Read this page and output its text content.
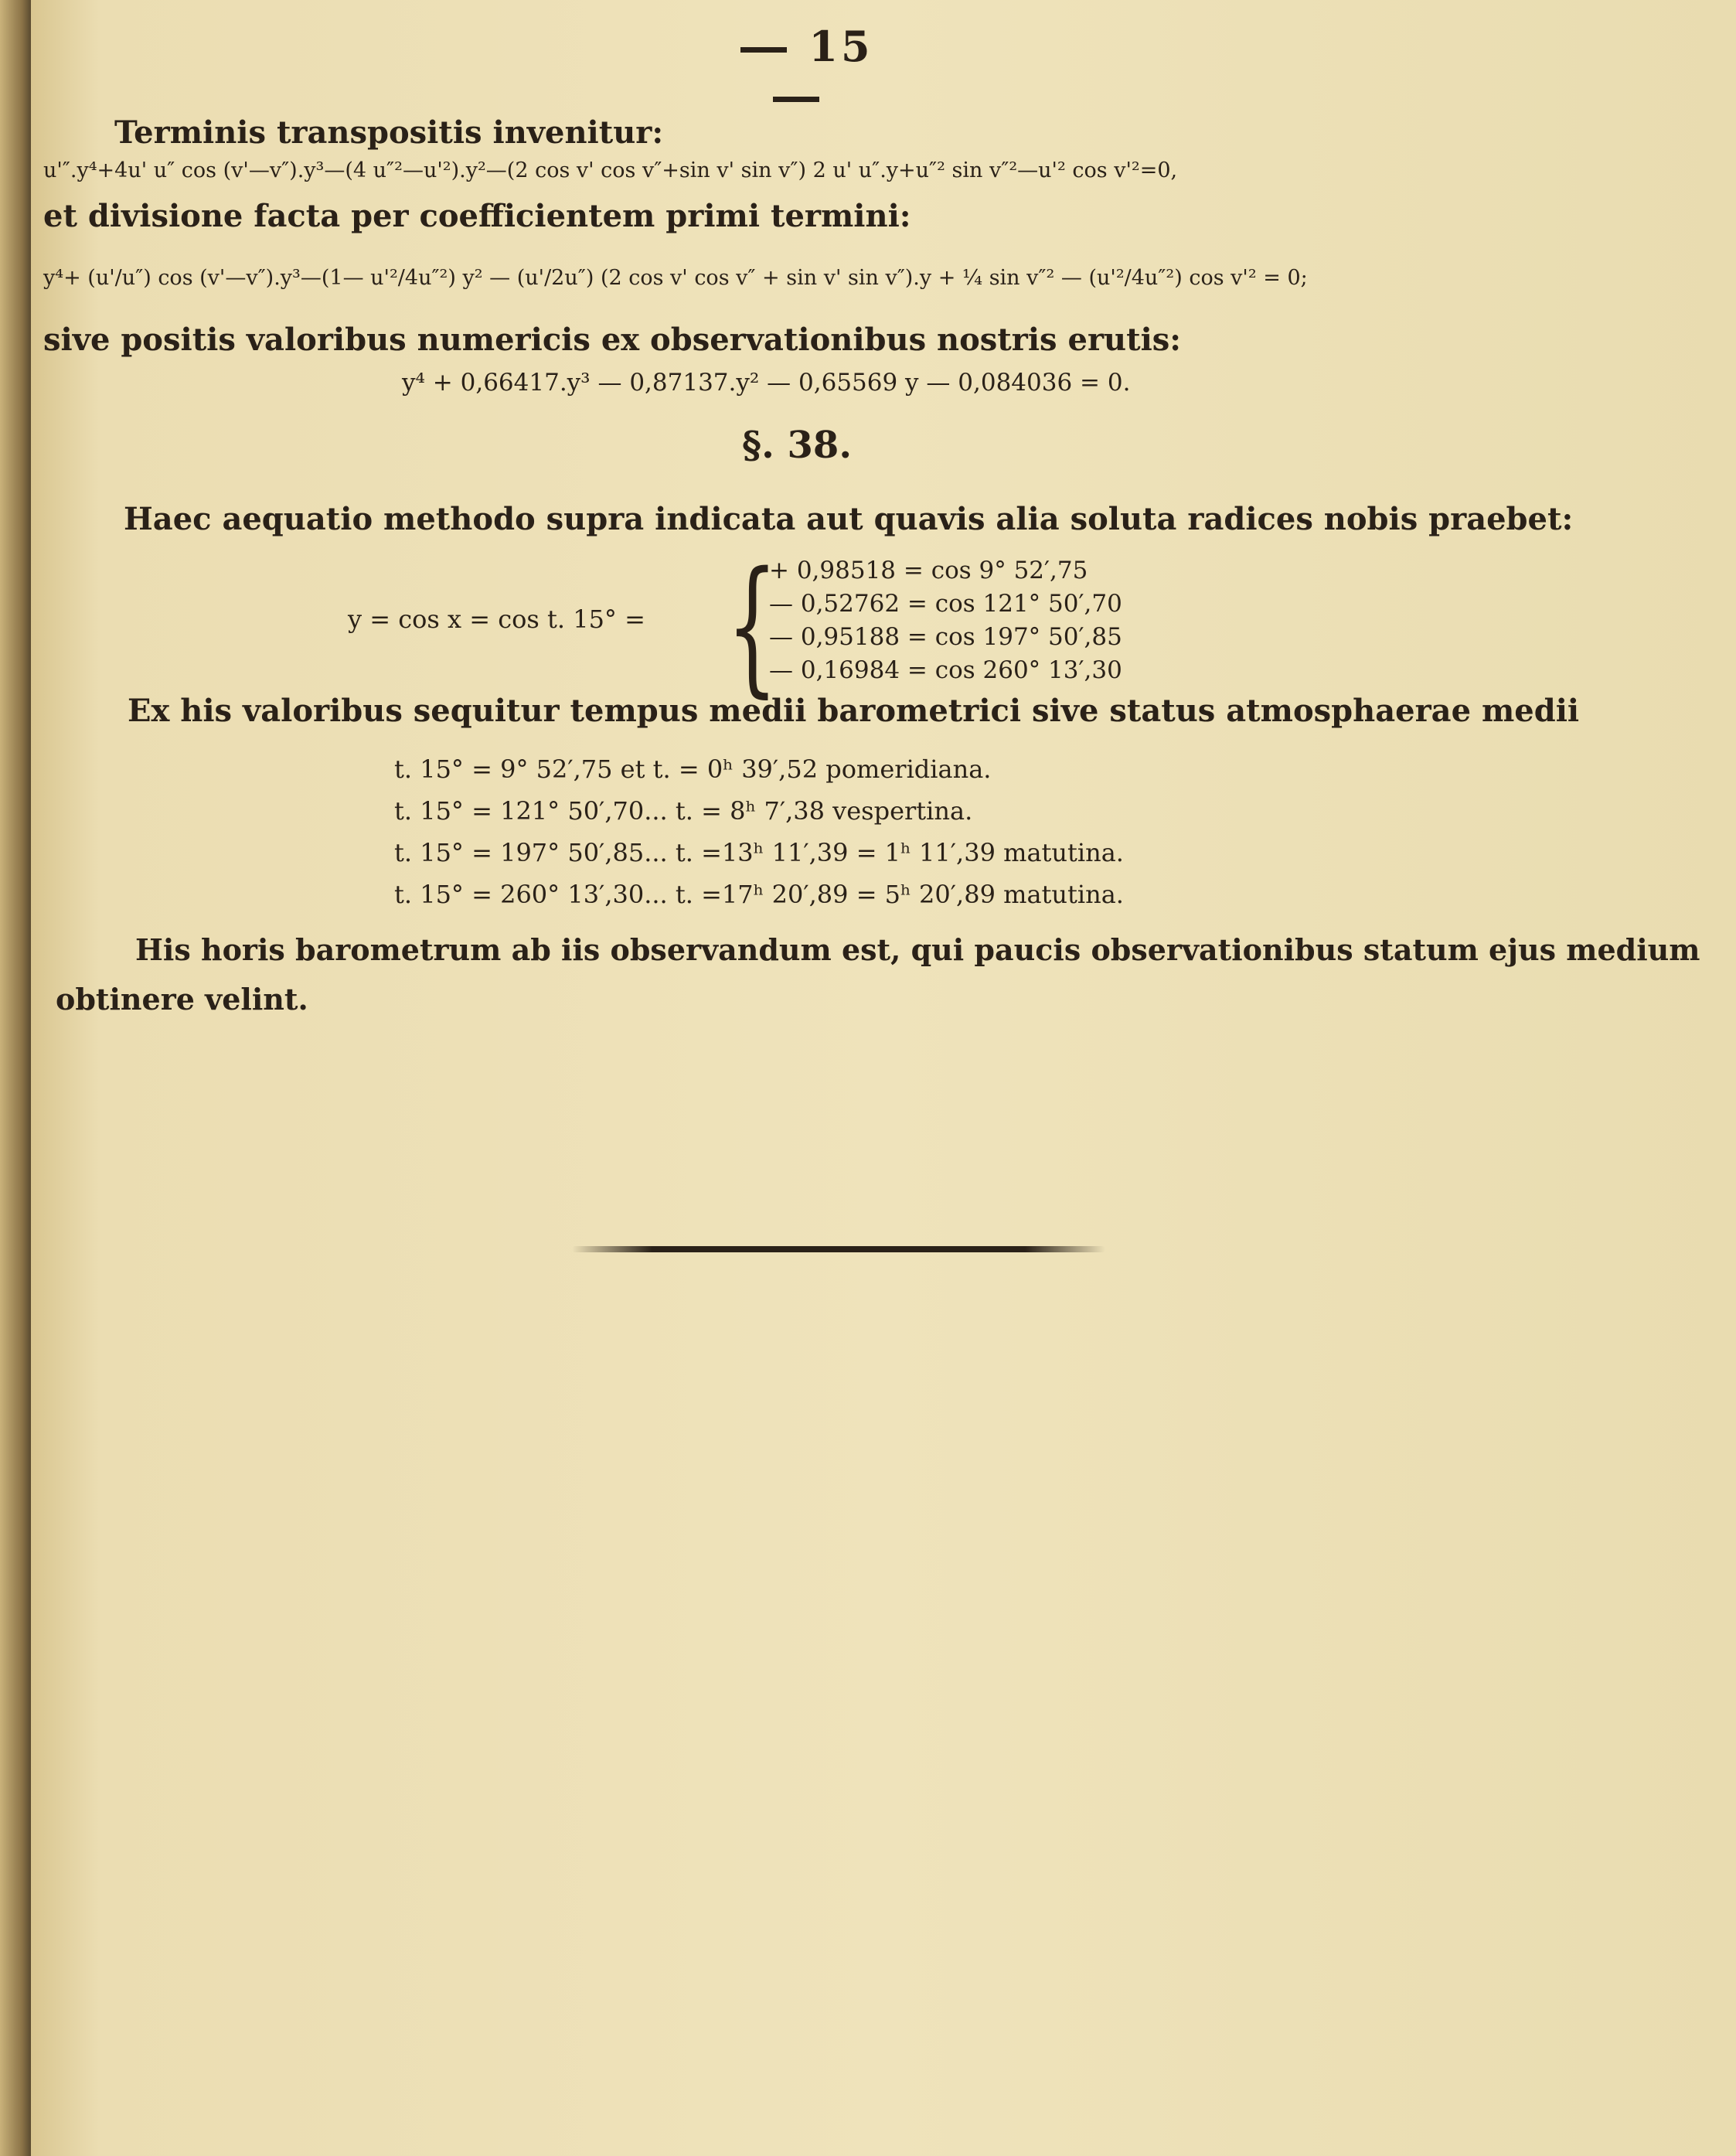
15
Terminis transpositis invenitur:
u'″.y⁴+4u' u″ cos (v'—v″).y³—(4 u″²—u'²).y²—(2 cos v' cos v″+sin v' sin v″) 2 u' u″.y+u″² sin v″²—u'² cos v'²=0,
et divisione facta per coefficientem primi termini:
y⁴+ (u'/u″) cos (v'—v″).y³—(1— u'²/4u″²) y² — (u'/2u″) (2 cos v' cos v″ + sin v' sin v″).y + ¼ sin v″² — (u'²/4u″²) cos v'² = 0;
sive positis valoribus numericis ex observationibus nostris erutis:
y⁴ + 0,66417.y³ — 0,87137.y² — 0,65569 y — 0,084036 = 0.
§. 38.
Haec aequatio methodo supra indicata aut quavis alia soluta radices nobis praebet:
y = cos x = cos t. 15° = {
+ 0,98518 = cos 9° 52′,75
— 0,52762 = cos 121° 50′,70
— 0,95188 = cos 197° 50′,85
— 0,16984 = cos 260° 13′,30
Ex his valoribus sequitur tempus medii barometrici sive status atmosphaerae medii
t. 15° = 9° 52′,75 et t. = 0ʰ 39′,52 pomeridiana.
t. 15° = 121° 50′,70... t. = 8ʰ 7′,38 vespertina.
t. 15° = 197° 50′,85... t. =13ʰ 11′,39 = 1ʰ 11′,39 matutina.
t. 15° = 260° 13′,30... t. =17ʰ 20′,89 = 5ʰ 20′,89 matutina.
His horis barometrum ab iis observandum est, qui paucis observationibus statum ejus medium
obtinere velint.
